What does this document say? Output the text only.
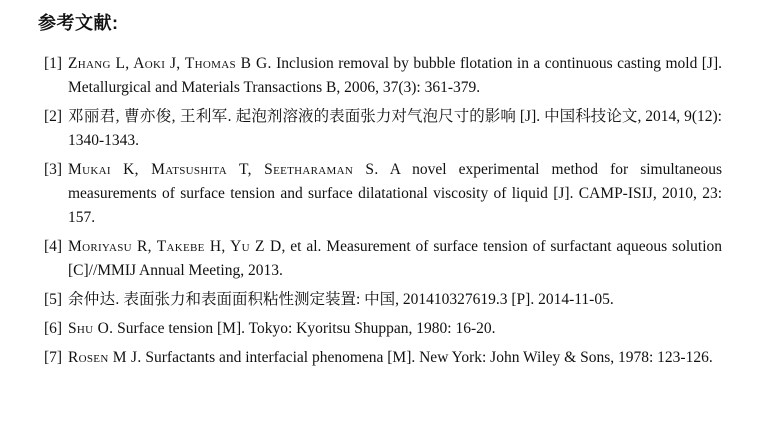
参考文献:
[1] Zhang L, Aoki J, Thomas B G. Inclusion removal by bubble flotation in a continuous casting mold [J]. Metallurgical and Materials Transactions B, 2006, 37(3): 361-379.
[2] 邓丽君, 曹亦俊, 王利军. 起泡剂溶液的表面张力对气泡尺寸的影响 [J]. 中国科技论文, 2014, 9(12): 1340-1343.
[3] Mukai K, Matsushita T, Seetharaman S. A novel experimental method for simultaneous measurements of surface tension and surface dilatational viscosity of liquid [J]. CAMP-ISIJ, 2010, 23: 157.
[4] Moriyasu R, Takebe H, Yu Z D, et al. Measurement of surface tension of surfactant aqueous solution [C]//MMIJ Annual Meeting, 2013.
[5] 余仲达. 表面张力和表面面积粘性测定装置: 中国, 201410327619.3 [P]. 2014-11-05.
[6] Shu O. Surface tension [M]. Tokyo: Kyoritsu Shuppan, 1980: 16-20.
[7] Rosen M J. Surfactants and interfacial phenomena [M]. New York: John Wiley & Sons, 1978: 123-126.
